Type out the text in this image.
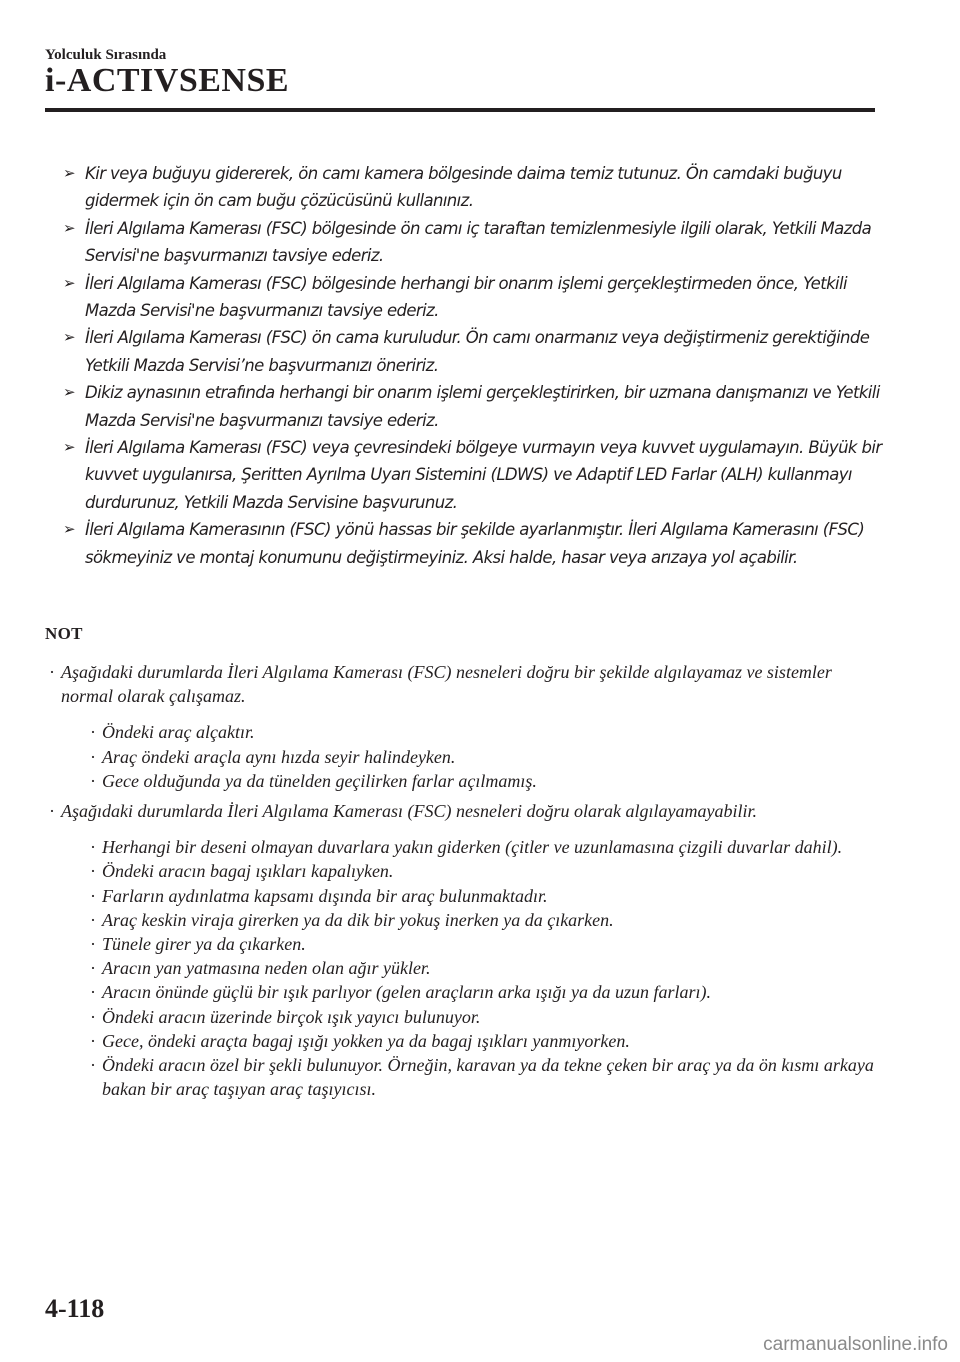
Yolculuk Sırasında
i-ACTIVSENSE
➢ Kir veya buğuyu gidererek, ön camı kamera bölgesinde daima temiz tutunuz. Ön camdaki buğuyu gidermek için ön cam buğu çözücüsünü kullanınız.
➢ İleri Algılama Kamerası (FSC) bölgesinde ön camı iç taraftan temizlenmesiyle ilgili olarak, Yetkili Mazda Servisi'ne başvurmanızı tavsiye ederiz.
➢ İleri Algılama Kamerası (FSC) bölgesinde herhangi bir onarım işlemi gerçekleştirmeden önce, Yetkili Mazda Servisi'ne başvurmanızı tavsiye ederiz.
➢ İleri Algılama Kamerası (FSC) ön cama kuruludur. Ön camı onarmanız veya değiştirmeniz gerektiğinde Yetkili Mazda Servisi’ne başvurmanızı öneririz.
➢ Dikiz aynasının etrafında herhangi bir onarım işlemi gerçekleştirirken, bir uzmana danışmanızı ve Yetkili Mazda Servisi'ne başvurmanızı tavsiye ederiz.
➢ İleri Algılama Kamerası (FSC) veya çevresindeki bölgeye vurmayın veya kuvvet uygulamayın. Büyük bir kuvvet uygulanırsa, Şeritten Ayrılma Uyarı Sistemini (LDWS) ve Adaptif LED Farlar (ALH) kullanmayı durdurunuz, Yetkili Mazda Servisine başvurunuz.
➢ İleri Algılama Kamerasının (FSC) yönü hassas bir şekilde ayarlanmıştır. İleri Algılama Kamerasını (FSC) sökmeyiniz ve montaj konumunu değiştirmeyiniz. Aksi halde, hasar veya arızaya yol açabilir.
NOT
· Aşağıdaki durumlarda İleri Algılama Kamerası (FSC) nesneleri doğru bir şekilde algılayamaz ve sistemler normal olarak çalışamaz.
· Öndeki araç alçaktır.
· Araç öndeki araçla aynı hızda seyir halindeyken.
· Gece olduğunda ya da tünelden geçilirken farlar açılmamış.
· Aşağıdaki durumlarda İleri Algılama Kamerası (FSC) nesneleri doğru olarak algılayamayabilir.
· Herhangi bir deseni olmayan duvarlara yakın giderken (çitler ve uzunlamasına çizgili duvarlar dahil).
· Öndeki aracın bagaj ışıkları kapalıyken.
· Farların aydınlatma kapsamı dışında bir araç bulunmaktadır.
· Araç keskin viraja girerken ya da dik bir yokuş inerken ya da çıkarken.
· Tünele girer ya da çıkarken.
· Aracın yan yatmasına neden olan ağır yükler.
· Aracın önünde güçlü bir ışık parlıyor (gelen araçların arka ışığı ya da uzun farları).
· Öndeki aracın üzerinde birçok ışık yayıcı bulunuyor.
· Gece, öndeki araçta bagaj ışığı yokken ya da bagaj ışıkları yanmıyorken.
· Öndeki aracın özel bir şekli bulunuyor. Örneğin, karavan ya da tekne çeken bir araç ya da ön kısmı arkaya bakan bir araç taşıyan araç taşıyıcısı.
4-118
carmanualsonline.info
